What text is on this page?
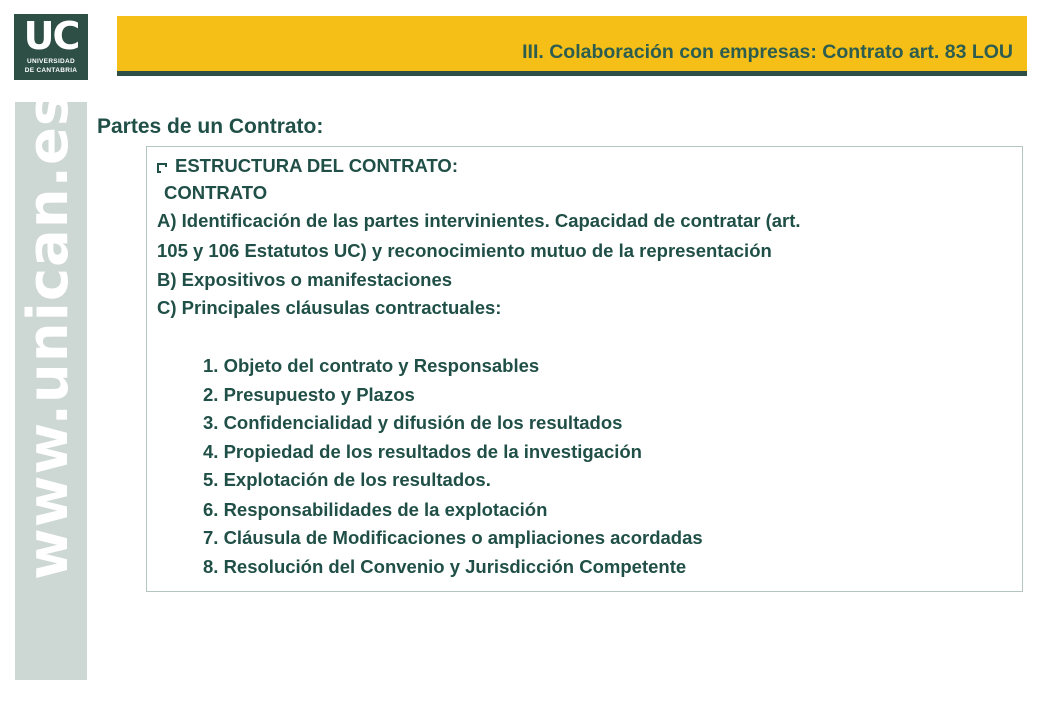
UC
UNIVERSIDAD
DE CANTABRIA
III. Colaboración con empresas: Contrato art. 83 LOU
www.unican.es Partes de un Contrato:
ESTRUCTURA DEL CONTRATO:
CONTRATO
A) Identificación de las partes intervinientes. Capacidad de contratar (art.
105 y 106 Estatutos UC) y reconocimiento mutuo de la representación
B) Expositivos o manifestaciones
C) Principales cláusulas contractuales:
1. Objeto del contrato y Responsables
2. Presupuesto y Plazos
3. Confidencialidad y difusión de los resultados
4. Propiedad de los resultados de la investigación
5. Explotación de los resultados.
6. Responsabilidades de la explotación
7. Cláusula de Modificaciones o ampliaciones acordadas
8. Resolución del Convenio y Jurisdicción Competente
